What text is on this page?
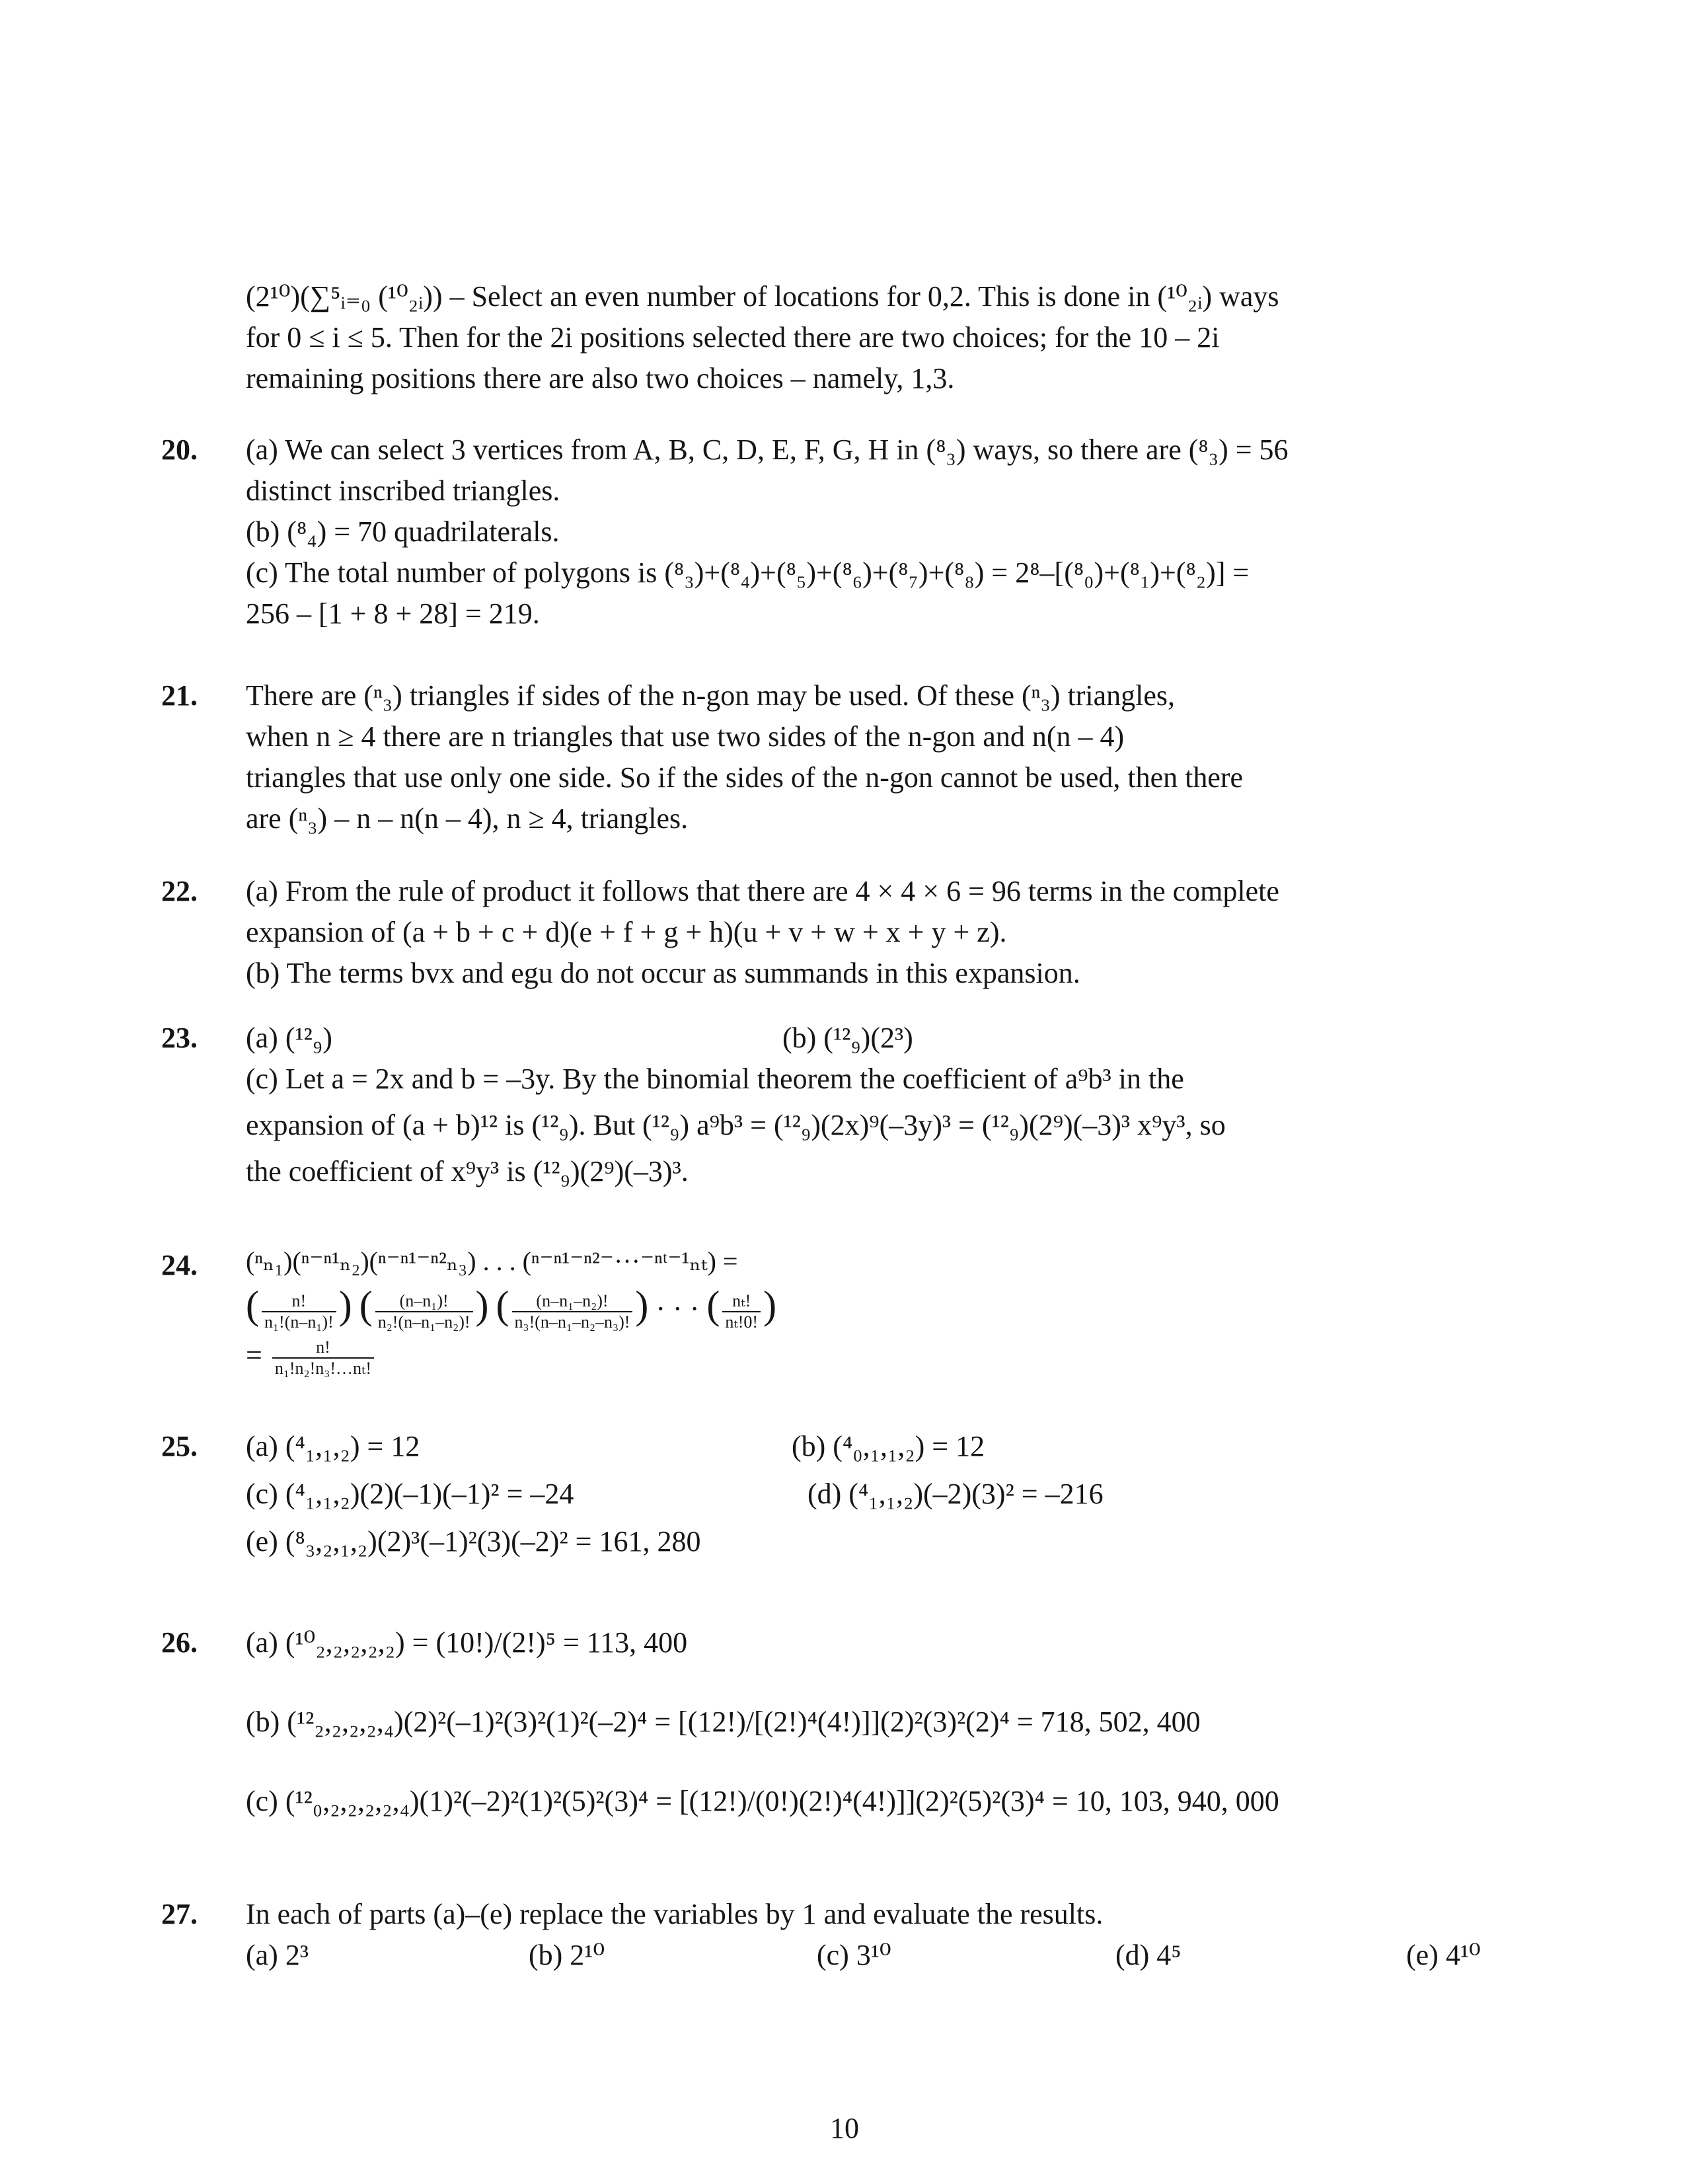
(2¹⁰)(∑⁵ᵢ₌₀ (¹⁰₂ᵢ)) – Select an even number of locations for 0,2. This is done in (¹⁰₂ᵢ) ways
for 0 ≤ i ≤ 5. Then for the 2i positions selected there are two choices; for the 10 – 2i
remaining positions there are also two choices – namely, 1,3.
20. (a) We can select 3 vertices from A, B, C, D, E, F, G, H in (⁸₃) ways, so there are (⁸₃) = 56
distinct inscribed triangles.
(b) (⁸₄) = 70 quadrilaterals.
(c) The total number of polygons is (⁸₃)+(⁸₄)+(⁸₅)+(⁸₆)+(⁸₇)+(⁸₈) = 2⁸–[(⁸₀)+(⁸₁)+(⁸₂)] =
256 – [1 + 8 + 28] = 219.
21. There are (ⁿ₃) triangles if sides of the n-gon may be used. Of these (ⁿ₃) triangles,
when n ≥ 4 there are n triangles that use two sides of the n-gon and n(n – 4)
triangles that use only one side. So if the sides of the n-gon cannot be used, then there
are (ⁿ₃) – n – n(n – 4), n ≥ 4, triangles.
22. (a) From the rule of product it follows that there are 4 × 4 × 6 = 96 terms in the complete
expansion of (a + b + c + d)(e + f + g + h)(u + v + w + x + y + z).
(b) The terms bvx and egu do not occur as summands in this expansion.
23. (a) (¹²₉)	(b) (¹²₉)(2³)
(c) Let a = 2x and b = –3y. By the binomial theorem the coefficient of a⁹b³ in the
expansion of (a + b)¹² is (¹²₉). But (¹²₉) a⁹b³ = (¹²₉)(2x)⁹(–3y)³ = (¹²₉)(2⁹)(–3)³ x⁹y³, so
the coefficient of x⁹y³ is (¹²₉)(2⁹)(–3)³.
24. (ⁿₙ₁)(ⁿ⁻ⁿ¹ₙ₂)(ⁿ⁻ⁿ¹⁻ⁿ²ₙ₃) . . . (ⁿ⁻ⁿ¹⁻ⁿ²⁻···⁻ⁿᵗ⁻¹ₙₜ) =
( $\frac{n!}{\text{n₁!(n–n₁)!}}$ ) ( $\frac{\text{(n–n₁)!}}{\text{n₂!(n–n₁–n₂)!}}$ ) ( $\frac{\text{(n–n₁–n₂)!}}{\text{n₃!(n–n₁–n₂–n₃)!}}$ ) · · · ( $\frac{\text{nₜ!}}{\text{nₜ!0!}}$ )
= $\frac{n!}{\text{n₁!n₂!n₃!…nₜ!}}$
25. (a) (⁴₁,₁,₂) = 12	(b) (⁴₀,₁,₁,₂) = 12
(c) (⁴₁,₁,₂)(2)(–1)(–1)² = –24	(d) (⁴₁,₁,₂)(–2)(3)² = –216
(e) (⁸₃,₂,₁,₂)(2)³(–1)²(3)(–2)² = 161, 280
26. (a) (¹⁰₂,₂,₂,₂,₂) = (10!)/(2!)⁵ = 113, 400
(b) (¹²₂,₂,₂,₂,₄)(2)²(–1)²(3)²(1)²(–2)⁴ = [(12!)/[(2!)⁴(4!)]](2)²(3)²(2)⁴ = 718, 502, 400
(c) (¹²₀,₂,₂,₂,₂,₄)(1)²(–2)²(1)²(5)²(3)⁴ = [(12!)/(0!)(2!)⁴(4!)]](2)²(5)²(3)⁴ = 10, 103, 940, 000
27. In each of parts (a)–(e) replace the variables by 1 and evaluate the results.
(a) 2³	(b) 2¹⁰	(c) 3¹⁰	(d) 4⁵	(e) 4¹⁰
10
